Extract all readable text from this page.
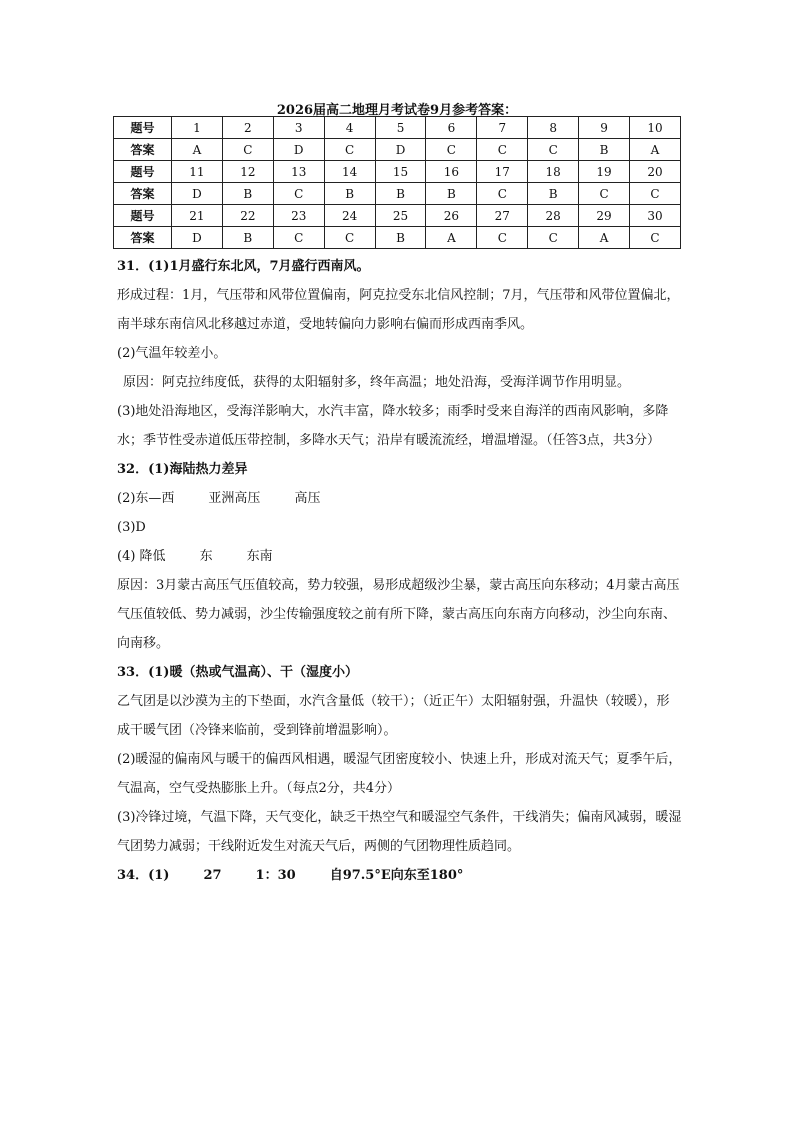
2026届高二地理月考试卷9月参考答案：
题号	1	2	3	4	5	6	7	8	9	10
答案	A	C	D	C	D	C	C	C	B	A
题号	11	12	13	14	15	16	17	18	19	20
答案	D	B	C	B	B	B	C	B	C	C
题号	21	22	23	24	25	26	27	28	29	30
答案	D	B	C	C	B	A	C	C	A	C

31．(1)1月盛行东北风，7月盛行西南风。

形成过程：1月，气压带和风带位置偏南，阿克拉受东北信风控制；7月，气压带和风带位置偏北，南半球东南信风北移越过赤道，受地转偏向力影响右偏而形成西南季风。

(2)气温年较差小。

原因：阿克拉纬度低，获得的太阳辐射多，终年高温；地处沿海，受海洋调节作用明显。

(3)地处沿海地区，受海洋影响大，水汽丰富，降水较多；雨季时受来自海洋的西南风影响，多降水；季节性受赤道低压带控制，多降水天气；沿岸有暖流流经，增温增湿。（任答3点，共3分）

32．(1)海陆热力差异

(2)东—西	亚洲高压	高压

(3)D

(4) 降低	东	东南

原因：3月蒙古高压气压值较高，势力较强，易形成超级沙尘暴，蒙古高压向东移动；4月蒙古高压气压值较低、势力减弱，沙尘传输强度较之前有所下降，蒙古高压向东南方向移动，沙尘向东南、向南移。

33．(1)暖（热或气温高）、干（湿度小）

乙气团是以沙漠为主的下垫面，水汽含量低（较干）；（近正午）太阳辐射强，升温快（较暖），形成干暖气团（冷锋来临前，受到锋前增温影响）。

(2)暖湿的偏南风与暖干的偏西风相遇，暖湿气团密度较小、快速上升，形成对流天气；夏季午后，气温高，空气受热膨胀上升。（每点2分，共4分）

(3)冷锋过境，气温下降，天气变化，缺乏干热空气和暖湿空气条件，干线消失；偏南风减弱，暖湿气团势力减弱；干线附近发生对流天气后，两侧的气团物理性质趋同。

34．(1)	27	1：30	自97.5°E向东至180°
